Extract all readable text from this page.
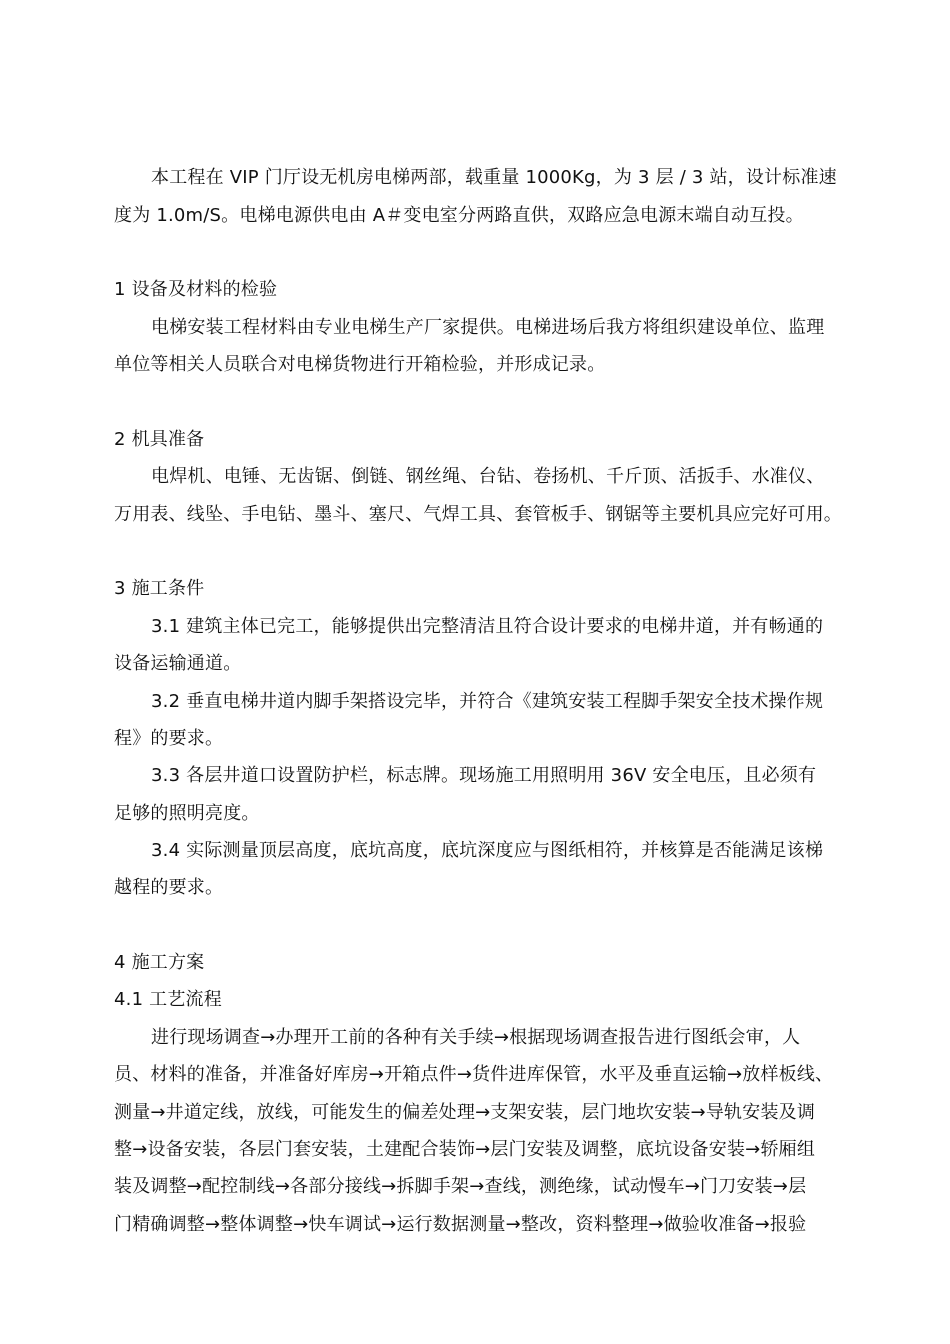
本工程在 VIP 门厅设无机房电梯两部，载重量 1000Kg，为 3 层 / 3 站，设计标准速
度为 1.0m/S。电梯电源供电由 A＃变电室分两路直供，双路应急电源末端自动互投。
1 设备及材料的检验
电梯安装工程材料由专业电梯生产厂家提供。电梯进场后我方将组织建设单位、监理
单位等相关人员联合对电梯货物进行开箱检验，并形成记录。
2 机具准备
电焊机、电锤、无齿锯、倒链、钢丝绳、台钻、卷扬机、千斤顶、活扳手、水准仪、
万用表、线坠、手电钻、墨斗、塞尺、气焊工具、套管板手、钢锯等主要机具应完好可用。
3 施工条件
3.1 建筑主体已完工，能够提供出完整清洁且符合设计要求的电梯井道，并有畅通的
设备运输通道。
3.2 垂直电梯井道内脚手架搭设完毕，并符合《建筑安装工程脚手架安全技术操作规
程》的要求。
3.3 各层井道口设置防护栏，标志牌。现场施工用照明用 36V 安全电压，且必须有
足够的照明亮度。
3.4 实际测量顶层高度，底坑高度，底坑深度应与图纸相符，并核算是否能满足该梯
越程的要求。
4 施工方案
4.1 工艺流程
进行现场调查→办理开工前的各种有关手续→根据现场调查报告进行图纸会审，人
员、材料的准备，并准备好库房→开箱点件→货件进库保管，水平及垂直运输→放样板线、
测量→井道定线，放线，可能发生的偏差处理→支架安装，层门地坎安装→导轨安装及调
整→设备安装，各层门套安装，土建配合装饰→层门安装及调整，底坑设备安装→轿厢组
装及调整→配控制线→各部分接线→拆脚手架→查线，测绝缘，试动慢车→门刀安装→层
门精确调整→整体调整→快车调试→运行数据测量→整改，资料整理→做验收准备→报验
